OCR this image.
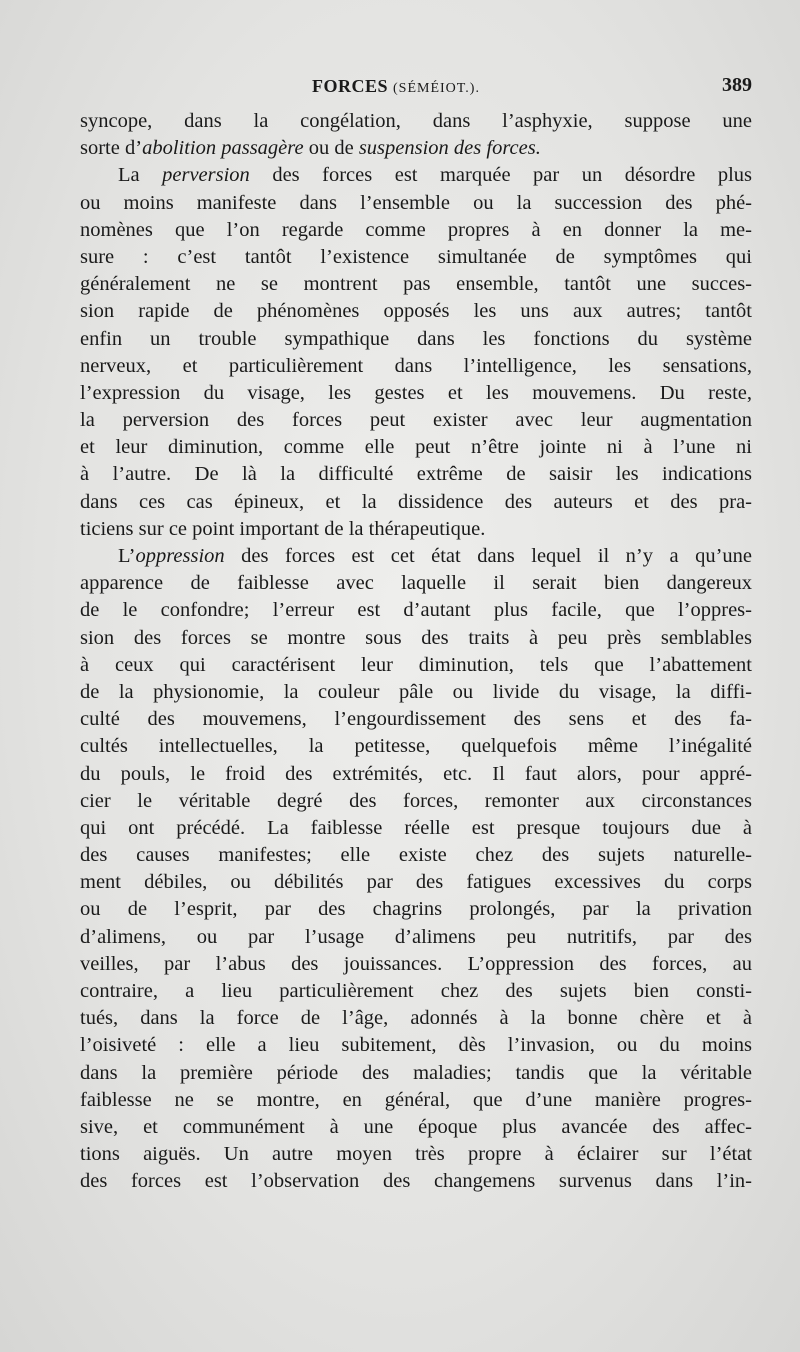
FORCES (SÉMÉIOT.).	389
syncope, dans la congélation, dans l’asphyxie, suppose une
sorte d’abolition passagère ou de suspension des forces.
La perversion des forces est marquée par un désordre plus
ou moins manifeste dans l’ensemble ou la succession des phé-
nomènes que l’on regarde comme propres à en donner la me-
sure : c’est tantôt l’existence simultanée de symptômes qui
généralement ne se montrent pas ensemble, tantôt une succes-
sion rapide de phénomènes opposés les uns aux autres; tantôt
enfin un trouble sympathique dans les fonctions du système
nerveux, et particulièrement dans l’intelligence, les sensations,
l’expression du visage, les gestes et les mouvemens. Du reste,
la perversion des forces peut exister avec leur augmentation
et leur diminution, comme elle peut n’être jointe ni à l’une ni
à l’autre. De là la difficulté extrême de saisir les indications
dans ces cas épineux, et la dissidence des auteurs et des pra-
ticiens sur ce point important de la thérapeutique.
L’oppression des forces est cet état dans lequel il n’y a qu’une
apparence de faiblesse avec laquelle il serait bien dangereux
de le confondre; l’erreur est d’autant plus facile, que l’oppres-
sion des forces se montre sous des traits à peu près semblables
à ceux qui caractérisent leur diminution, tels que l’abattement
de la physionomie, la couleur pâle ou livide du visage, la diffi-
culté des mouvemens, l’engourdissement des sens et des fa-
cultés intellectuelles, la petitesse, quelquefois même l’inégalité
du pouls, le froid des extrémités, etc. Il faut alors, pour appré-
cier le véritable degré des forces, remonter aux circonstances
qui ont précédé. La faiblesse réelle est presque toujours due à
des causes manifestes; elle existe chez des sujets naturelle-
ment débiles, ou débilités par des fatigues excessives du corps
ou de l’esprit, par des chagrins prolongés, par la privation
d’alimens, ou par l’usage d’alimens peu nutritifs, par des
veilles, par l’abus des jouissances. L’oppression des forces, au
contraire, a lieu particulièrement chez des sujets bien consti-
tués, dans la force de l’âge, adonnés à la bonne chère et à
l’oisiveté : elle a lieu subitement, dès l’invasion, ou du moins
dans la première période des maladies; tandis que la véritable
faiblesse ne se montre, en général, que d’une manière progres-
sive, et communément à une époque plus avancée des affec-
tions aiguës. Un autre moyen très propre à éclairer sur l’état
des forces est l’observation des changemens survenus dans l’in-
